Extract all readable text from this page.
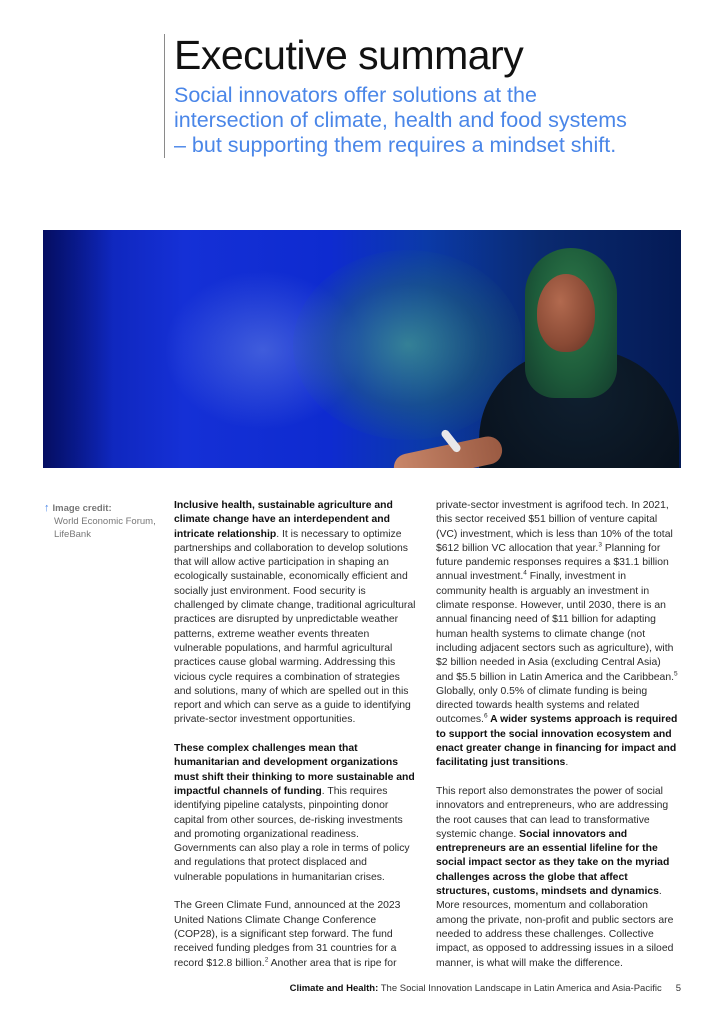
Executive summary

Social innovators offer solutions at the intersection of climate, health and food systems – but supporting them requires a mindset shift.

↑ Image credit:
World Economic Forum,
LifeBank

Inclusive health, sustainable agriculture and climate change have an interdependent and intricate relationship. It is necessary to optimize partnerships and collaboration to develop solutions that will allow active participation in shaping an ecologically sustainable, economically efficient and socially just environment. Food security is challenged by climate change, traditional agricultural practices are disrupted by unpredictable weather patterns, extreme weather events threaten vulnerable populations, and harmful agricultural practices cause global warming. Addressing this vicious cycle requires a combination of strategies and solutions, many of which are spelled out in this report and which can serve as a guide to identifying private-sector investment opportunities.

These complex challenges mean that humanitarian and development organizations must shift their thinking to more sustainable and impactful channels of funding. This requires identifying pipeline catalysts, pinpointing donor capital from other sources, de-risking investments and promoting organizational readiness. Governments can also play a role in terms of policy and regulations that protect displaced and vulnerable populations in humanitarian crises.

The Green Climate Fund, announced at the 2023 United Nations Climate Change Conference (COP28), is a significant step forward. The fund received funding pledges from 31 countries for a record $12.8 billion.$^2$ Another area that is ripe for

private-sector investment is agrifood tech. In 2021, this sector received $51 billion of venture capital (VC) investment, which is less than 10% of the total $612 billion VC allocation that year.$^3$ Planning for future pandemic responses requires a $31.1 billion annual investment.$^4$ Finally, investment in community health is arguably an investment in climate response. However, until 2030, there is an annual financing need of $11 billion for adapting human health systems to climate change (not including adjacent sectors such as agriculture), with $2 billion needed in Asia (excluding Central Asia) and $5.5 billion in Latin America and the Caribbean.$^5$ Globally, only 0.5% of climate funding is being directed towards health systems and related outcomes.$^6$ A wider systems approach is required to support the social innovation ecosystem and enact greater change in financing for impact and facilitating just transitions.

This report also demonstrates the power of social innovators and entrepreneurs, who are addressing the root causes that can lead to transformative systemic change. Social innovators and entrepreneurs are an essential lifeline for the social impact sector as they take on the myriad challenges across the globe that affect structures, customs, mindsets and dynamics. More resources, momentum and collaboration among the private, non-profit and public sectors are needed to address these challenges. Collective impact, as opposed to addressing issues in a siloed manner, is what will make the difference.

Climate and Health: The Social Innovation Landscape in Latin America and Asia-Pacific 5
